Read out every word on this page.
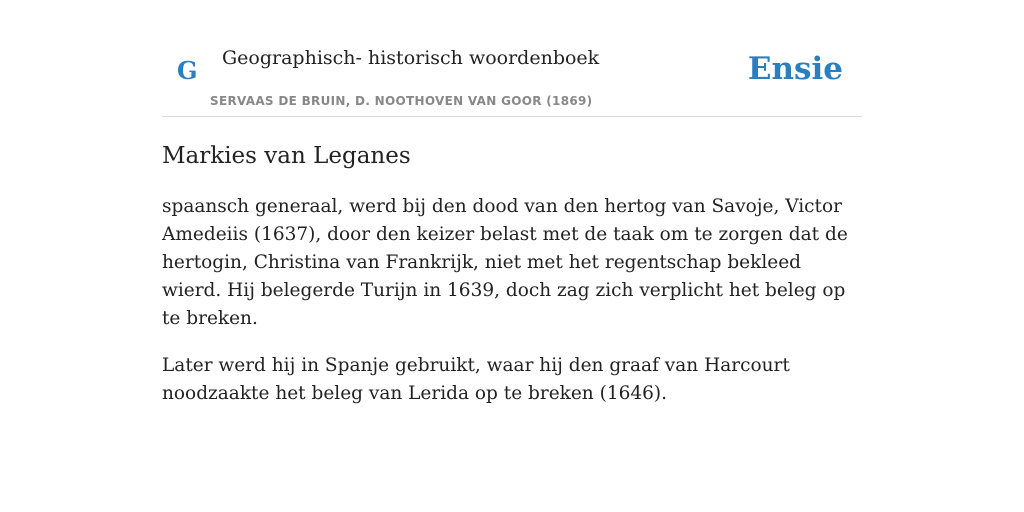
G Geographisch- historisch woordenboek
SERVAAS DE BRUIN, D. NOOTHOVEN VAN GOOR (1869)
Ensie
Markies van Leganes

spaansch generaal, werd bij den dood van den hertog van Savoje, Victor Amedeiis (1637), door den keizer belast met de taak om te zorgen dat de hertogin, Christina van Frankrijk, niet met het regentschap bekleed wierd. Hij belegerde Turijn in 1639, doch zag zich verplicht het beleg op te breken.

Later werd hij in Spanje gebruikt, waar hij den graaf van Harcourt noodzaakte het beleg van Lerida op te breken (1646).
